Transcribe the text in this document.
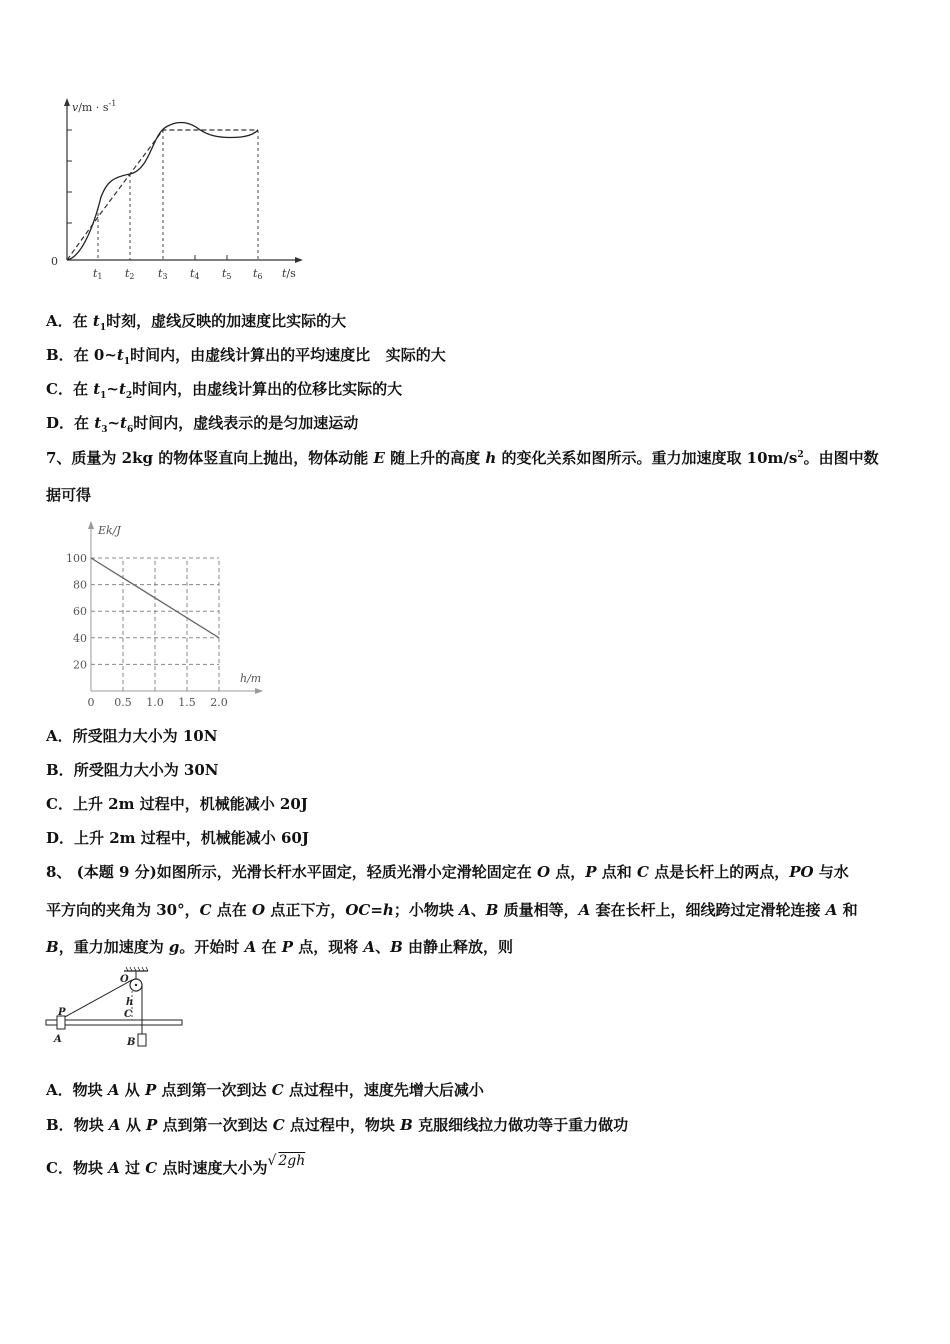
$v/m \cdot s^{-1}$
0
t/s
t1 t2 t3 t4 t5 t6
A．在 $t_1$时刻，虚线反映的加速度比实际的大
B．在 $0\sim t_1$时间内，由虚线计算出的平均速度比   实际的大
C．在 $t_1\sim t_2$时间内，由虚线计算出的位移比实际的大
D．在 $t_3\sim t_6$时间内，虚线表示的是匀加速运动
7、质量为 2kg 的物体竖直向上抛出，物体动能 E 随上升的高度 h 的变化关系如图所示。重力加速度取 $10m/s^2$。由图中数
据可得
20
40
60
80
100
0 0.5 1.0 1.5 2.0
Ek/J
h/m
A．所受阻力大小为 10N
B．所受阻力大小为 30N
C．上升 2m 过程中，机械能减小 20J
D．上升 2m 过程中，机械能减小 60J
8、 (本题 9 分)如图所示，光滑长杆水平固定，轻质光滑小定滑轮固定在 O 点，P 点和 C 点是长杆上的两点，PO 与水
平方向的夹角为 30°，C 点在 O 点正下方，OC=h；小物块 A、B 质量相等，A 套在长杆上，细线跨过定滑轮连接 A 和
B，重力加速度为 g。开始时 A 在 P 点，现将 A、B 由静止释放，则
O
h
C
P
A	B
A．物块 A 从 P 点到第一次到达 C 点过程中，速度先增大后减小
B．物块 A 从 P 点到第一次到达 C 点过程中，物块 B 克服细线拉力做功等于重力做功
C．物块 A 过 C 点时速度大小为√ 2gh
